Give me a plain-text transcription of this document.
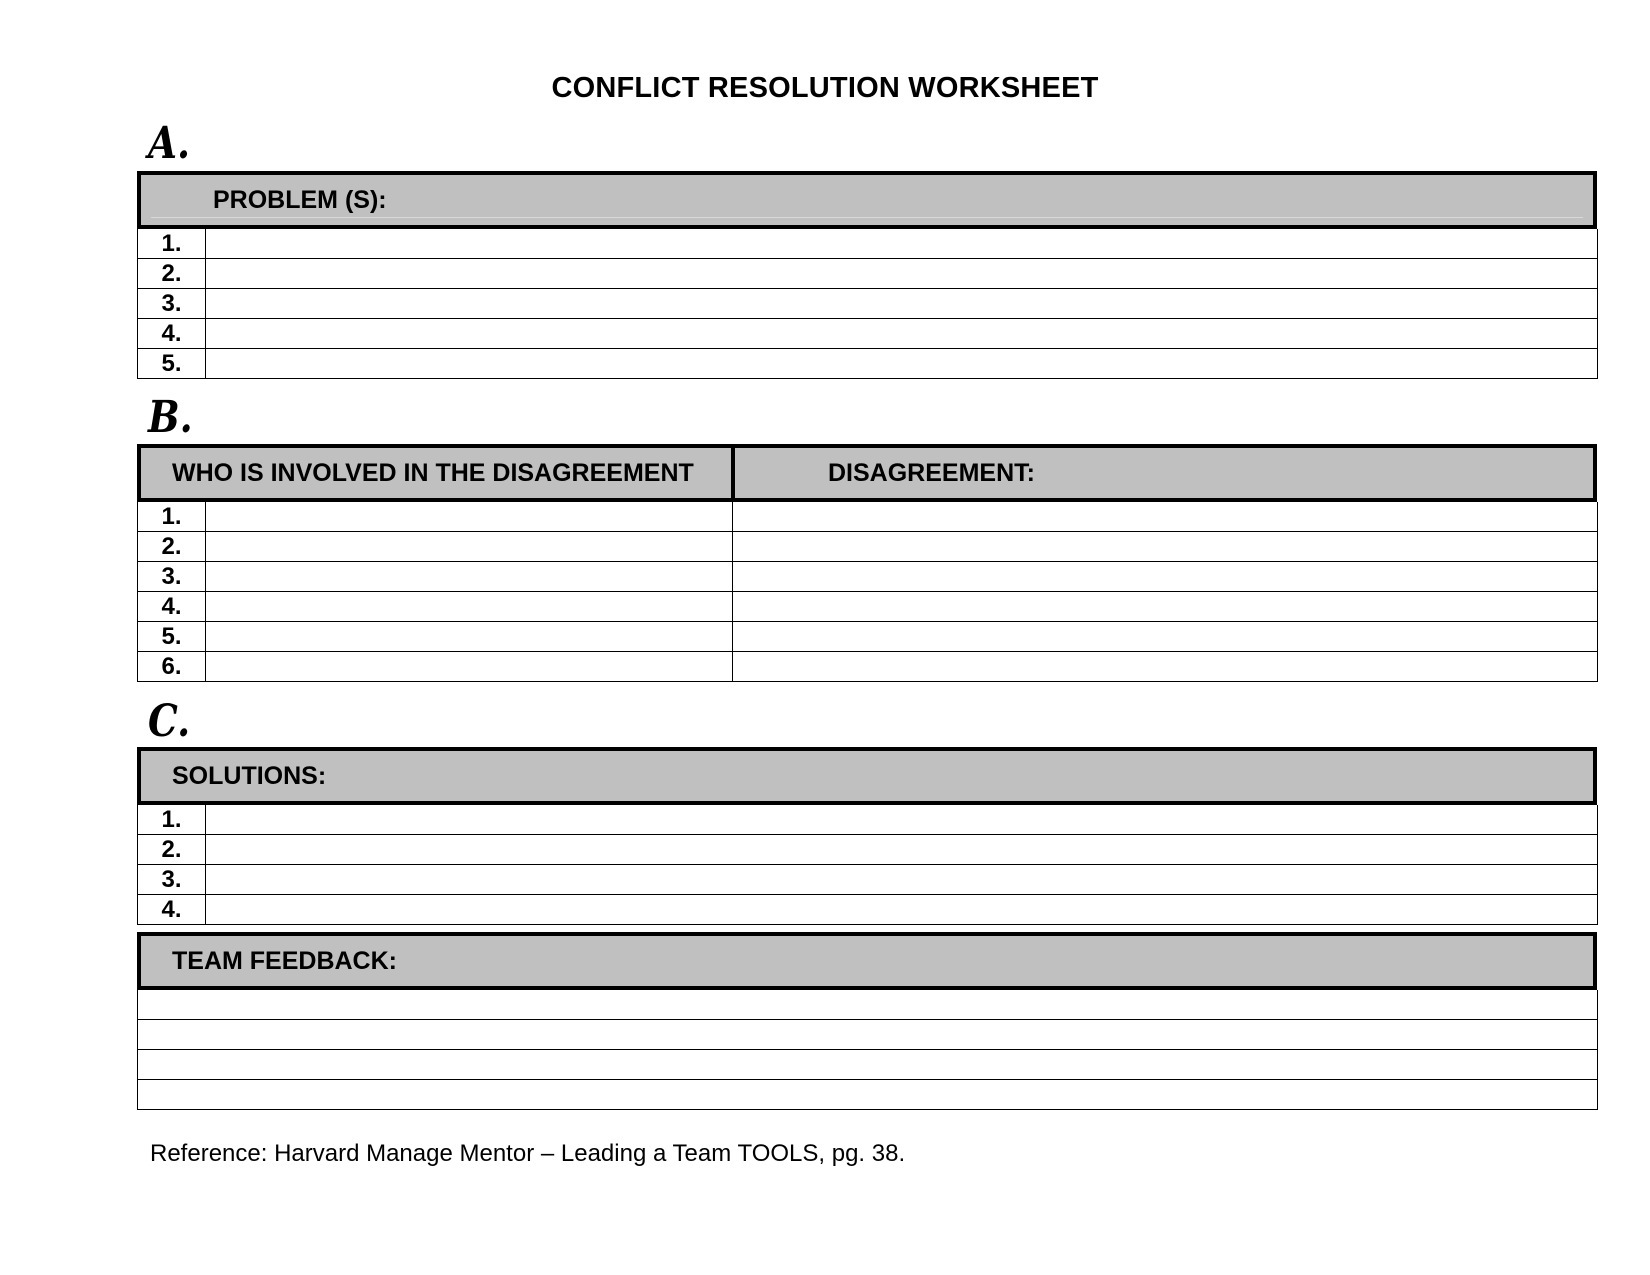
CONFLICT RESOLUTION WORKSHEET
A.
PROBLEM (S):
1.
2.
3.
4.
5.
B.
WHO IS INVOLVED IN THE DISAGREEMENT	DISAGREEMENT:
1.
2.
3.
4.
5.
6.
C.
SOLUTIONS:
1.
2.
3.
4.
TEAM FEEDBACK:
Reference: Harvard Manage Mentor – Leading a Team TOOLS, pg. 38.
